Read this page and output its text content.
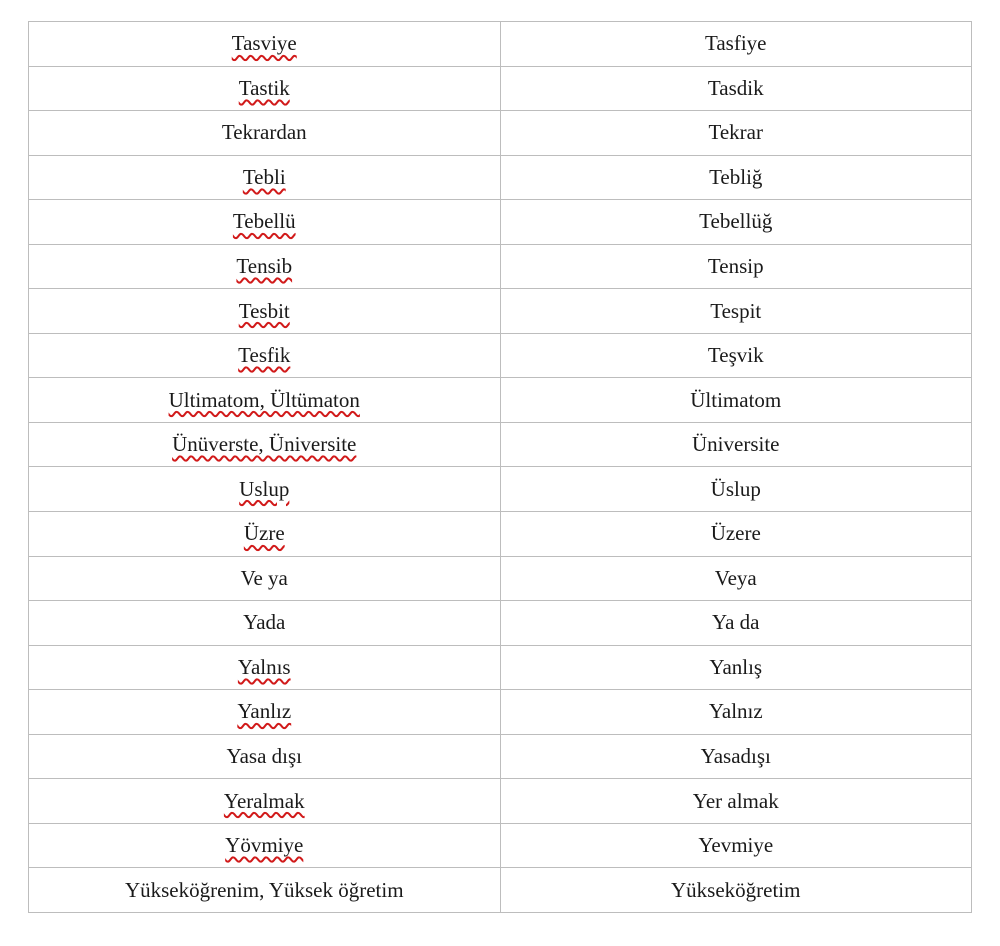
Tasviye	Tasfiye
Tastik	Tasdik
Tekrardan	Tekrar
Tebli	Tebliğ
Tebellü	Tebellüğ
Tensib	Tensip
Tesbit	Tespit
Tesfik	Teşvik
Ultimatom, Ültümaton	Ültimatom
Ünüverste, Üniversite	Üniversite
Uslup	Üslup
Üzre	Üzere
Ve ya	Veya
Yada	Ya da
Yalnıs	Yanlış
Yanlız	Yalnız
Yasa dışı	Yasadışı
Yeralmak	Yer almak
Yövmiye	Yevmiye
Yükseköğrenim, Yüksek öğretim	Yükseköğretim
